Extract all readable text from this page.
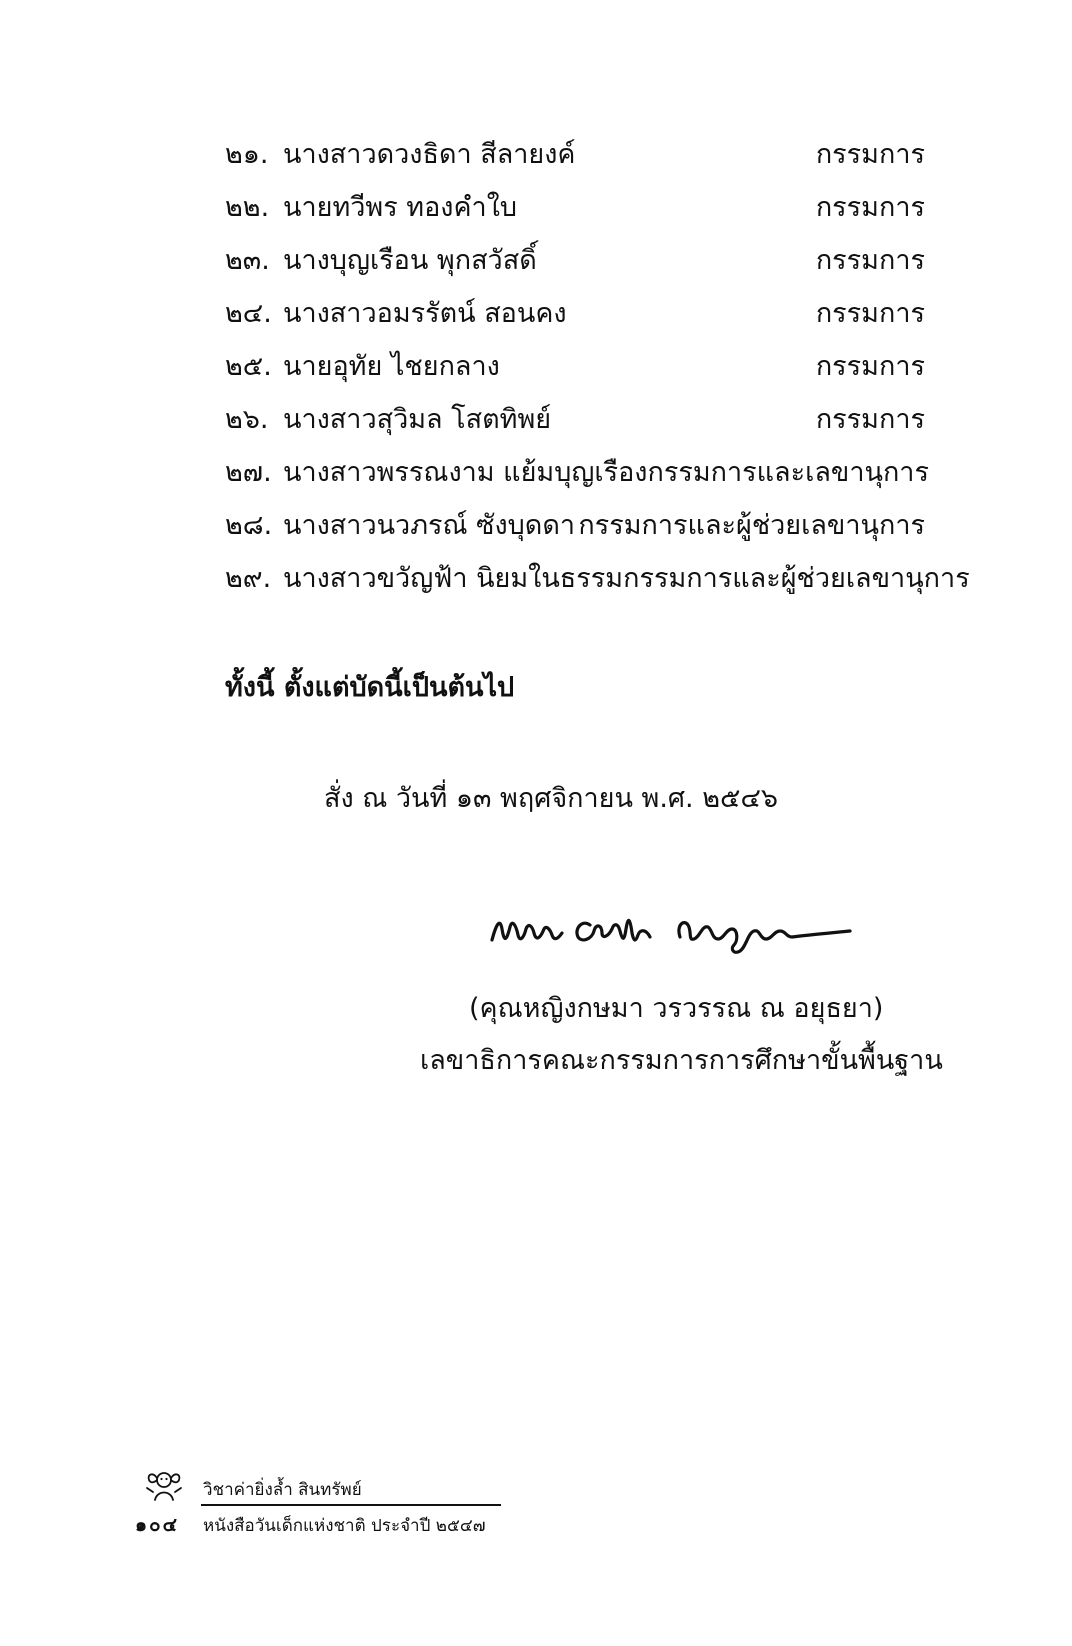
๒๑. นางสาวดวงธิดา สีลายงค์	กรรมการ
๒๒. นายทวีพร ทองคำใบ	กรรมการ
๒๓. นางบุญเรือน พุกสวัสดิ์	กรรมการ
๒๔. นางสาวอมรรัตน์ สอนคง	กรรมการ
๒๕. นายอุทัย ไชยกลาง	กรรมการ
๒๖. นางสาวสุวิมล โสตทิพย์	กรรมการ
๒๗. นางสาวพรรณงาม แย้มบุญเรือง กรรมการและเลขานุการ
๒๘. นางสาวนวภรณ์ ซังบุดดา กรรมการและผู้ช่วยเลขานุการ
๒๙. นางสาวขวัญฟ้า นิยมในธรรม กรรมการและผู้ช่วยเลขานุการ
ทั้งนี้ ตั้งแต่บัดนี้เป็นต้นไป
สั่ง ณ วันที่ ๑๓ พฤศจิกายน พ.ศ. ๒๕๔๖
(คุณหญิงกษมา วรวรรณ ณ อยุธยา)
เลขาธิการคณะกรรมการการศึกษาขั้นพื้นฐาน
วิชาค่ายิ่งล้ำ สินทรัพย์
๑๐๔ หนังสือวันเด็กแห่งชาติ ประจำปี ๒๕๔๗
